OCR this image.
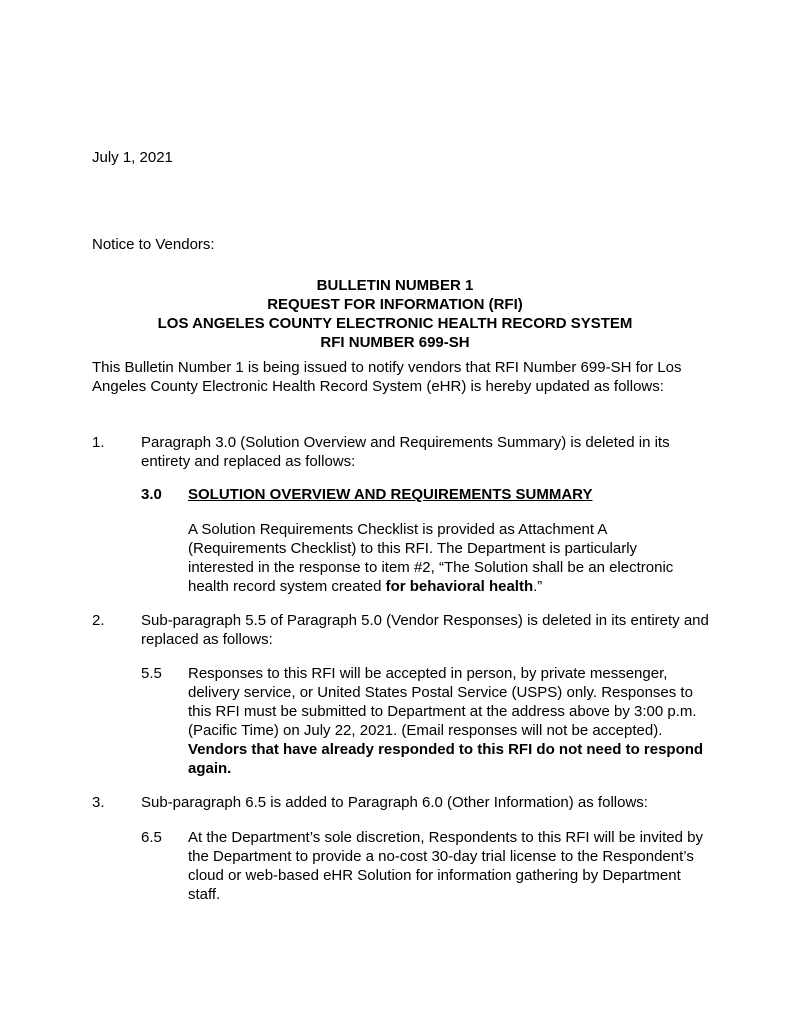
July 1, 2021

Notice to Vendors:

BULLETIN NUMBER 1
REQUEST FOR INFORMATION (RFI)
LOS ANGELES COUNTY ELECTRONIC HEALTH RECORD SYSTEM
RFI NUMBER 699-SH

This Bulletin Number 1 is being issued to notify vendors that RFI Number 699-SH for Los Angeles County Electronic Health Record System (eHR) is hereby updated as follows:

1. Paragraph 3.0 (Solution Overview and Requirements Summary) is deleted in its entirety and replaced as follows:

3.0 SOLUTION OVERVIEW AND REQUIREMENTS SUMMARY

A Solution Requirements Checklist is provided as Attachment A (Requirements Checklist) to this RFI. The Department is particularly interested in the response to item #2, “The Solution shall be an electronic health record system created for behavioral health.”

2. Sub-paragraph 5.5 of Paragraph 5.0 (Vendor Responses) is deleted in its entirety and replaced as follows:

5.5 Responses to this RFI will be accepted in person, by private messenger, delivery service, or United States Postal Service (USPS) only. Responses to this RFI must be submitted to Department at the address above by 3:00 p.m. (Pacific Time) on July 22, 2021. (Email responses will not be accepted). Vendors that have already responded to this RFI do not need to respond again.

3. Sub-paragraph 6.5 is added to Paragraph 6.0 (Other Information) as follows:

6.5 At the Department’s sole discretion, Respondents to this RFI will be invited by the Department to provide a no-cost 30-day trial license to the Respondent’s cloud or web-based eHR Solution for information gathering by Department staff.
